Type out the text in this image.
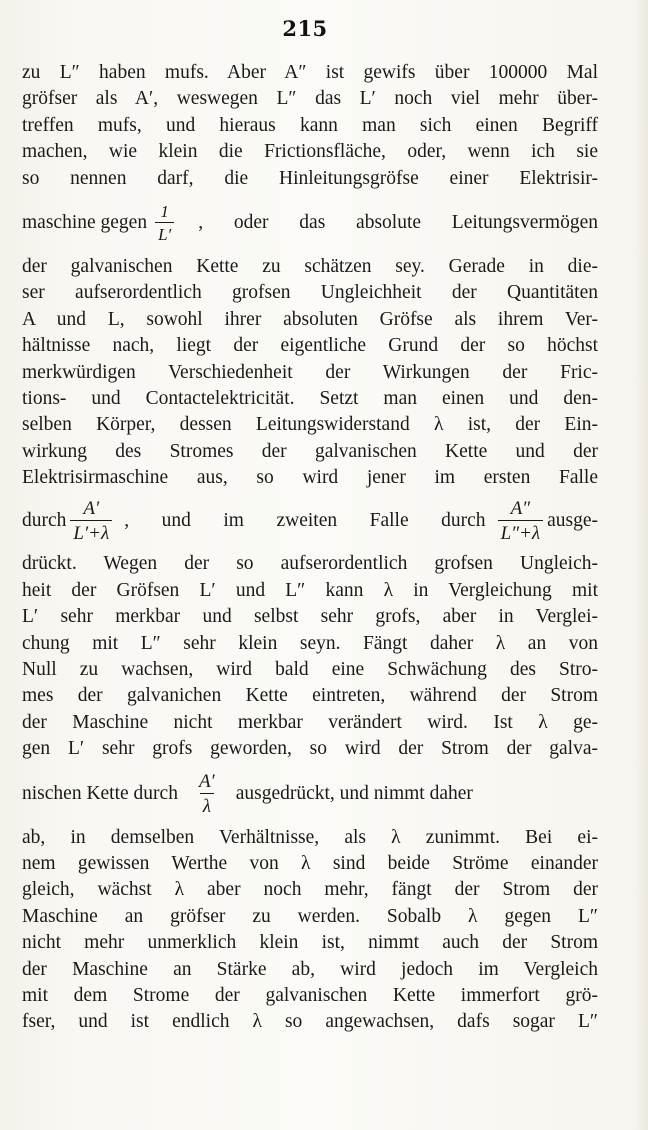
215
zu L″ haben mufs. Aber A″ ist gewifs über 100000 Mal
gröfser als A′, weswegen L″ das L′ noch viel mehr über-
treffen mufs, und hieraus kann man sich einen Begriff
machen, wie klein die Frictionsfläche, oder, wenn ich sie
so nennen darf, die Hinleitungsgröfse einer Elektrisir-
maschine gegen $\frac{1}{L'}$ , oder das absolute Leitungsvermögen
der galvanischen Kette zu schätzen sey. Gerade in die-
ser aufserordentlich grofsen Ungleichheit der Quantitäten
A und L, sowohl ihrer absoluten Gröfse als ihrem Ver-
hältnisse nach, liegt der eigentliche Grund der so höchst
merkwürdigen Verschiedenheit der Wirkungen der Fric-
tions- und Contactelektricität. Setzt man einen und den-
selben Körper, dessen Leitungswiderstand λ ist, der Ein-
wirkung des Stromes der galvanischen Kette und der
Elektrisirmaschine aus, so wird jener im ersten Falle
durch $\frac{A'}{L'+\lambda}$ , und im zweiten Falle durch $\frac{A''}{L''+\lambda}$ ausge-
drückt. Wegen der so aufserordentlich grofsen Ungleich-
heit der Gröfsen L′ und L″ kann λ in Vergleichung mit
L′ sehr merkbar und selbst sehr grofs, aber in Verglei-
chung mit L″ sehr klein seyn. Fängt daher λ an von
Null zu wachsen, wird bald eine Schwächung des Stro-
mes der galvanichen Kette eintreten, während der Strom
der Maschine nicht merkbar verändert wird. Ist λ ge-
gen L′ sehr grofs geworden, so wird der Strom der galva-
nischen Kette durch $\frac{A'}{\lambda}$ ausgedrückt, und nimmt daher
ab, in demselben Verhältnisse, als λ zunimmt. Bei ei-
nem gewissen Werthe von λ sind beide Ströme einander
gleich, wächst λ aber noch mehr, fängt der Strom der
Maschine an gröfser zu werden. Sobalb λ gegen L″
nicht mehr unmerklich klein ist, nimmt auch der Strom
der Maschine an Stärke ab, wird jedoch im Vergleich
mit dem Strome der galvanischen Kette immerfort grö-
fser, und ist endlich λ so angewachsen, dafs sogar L″
